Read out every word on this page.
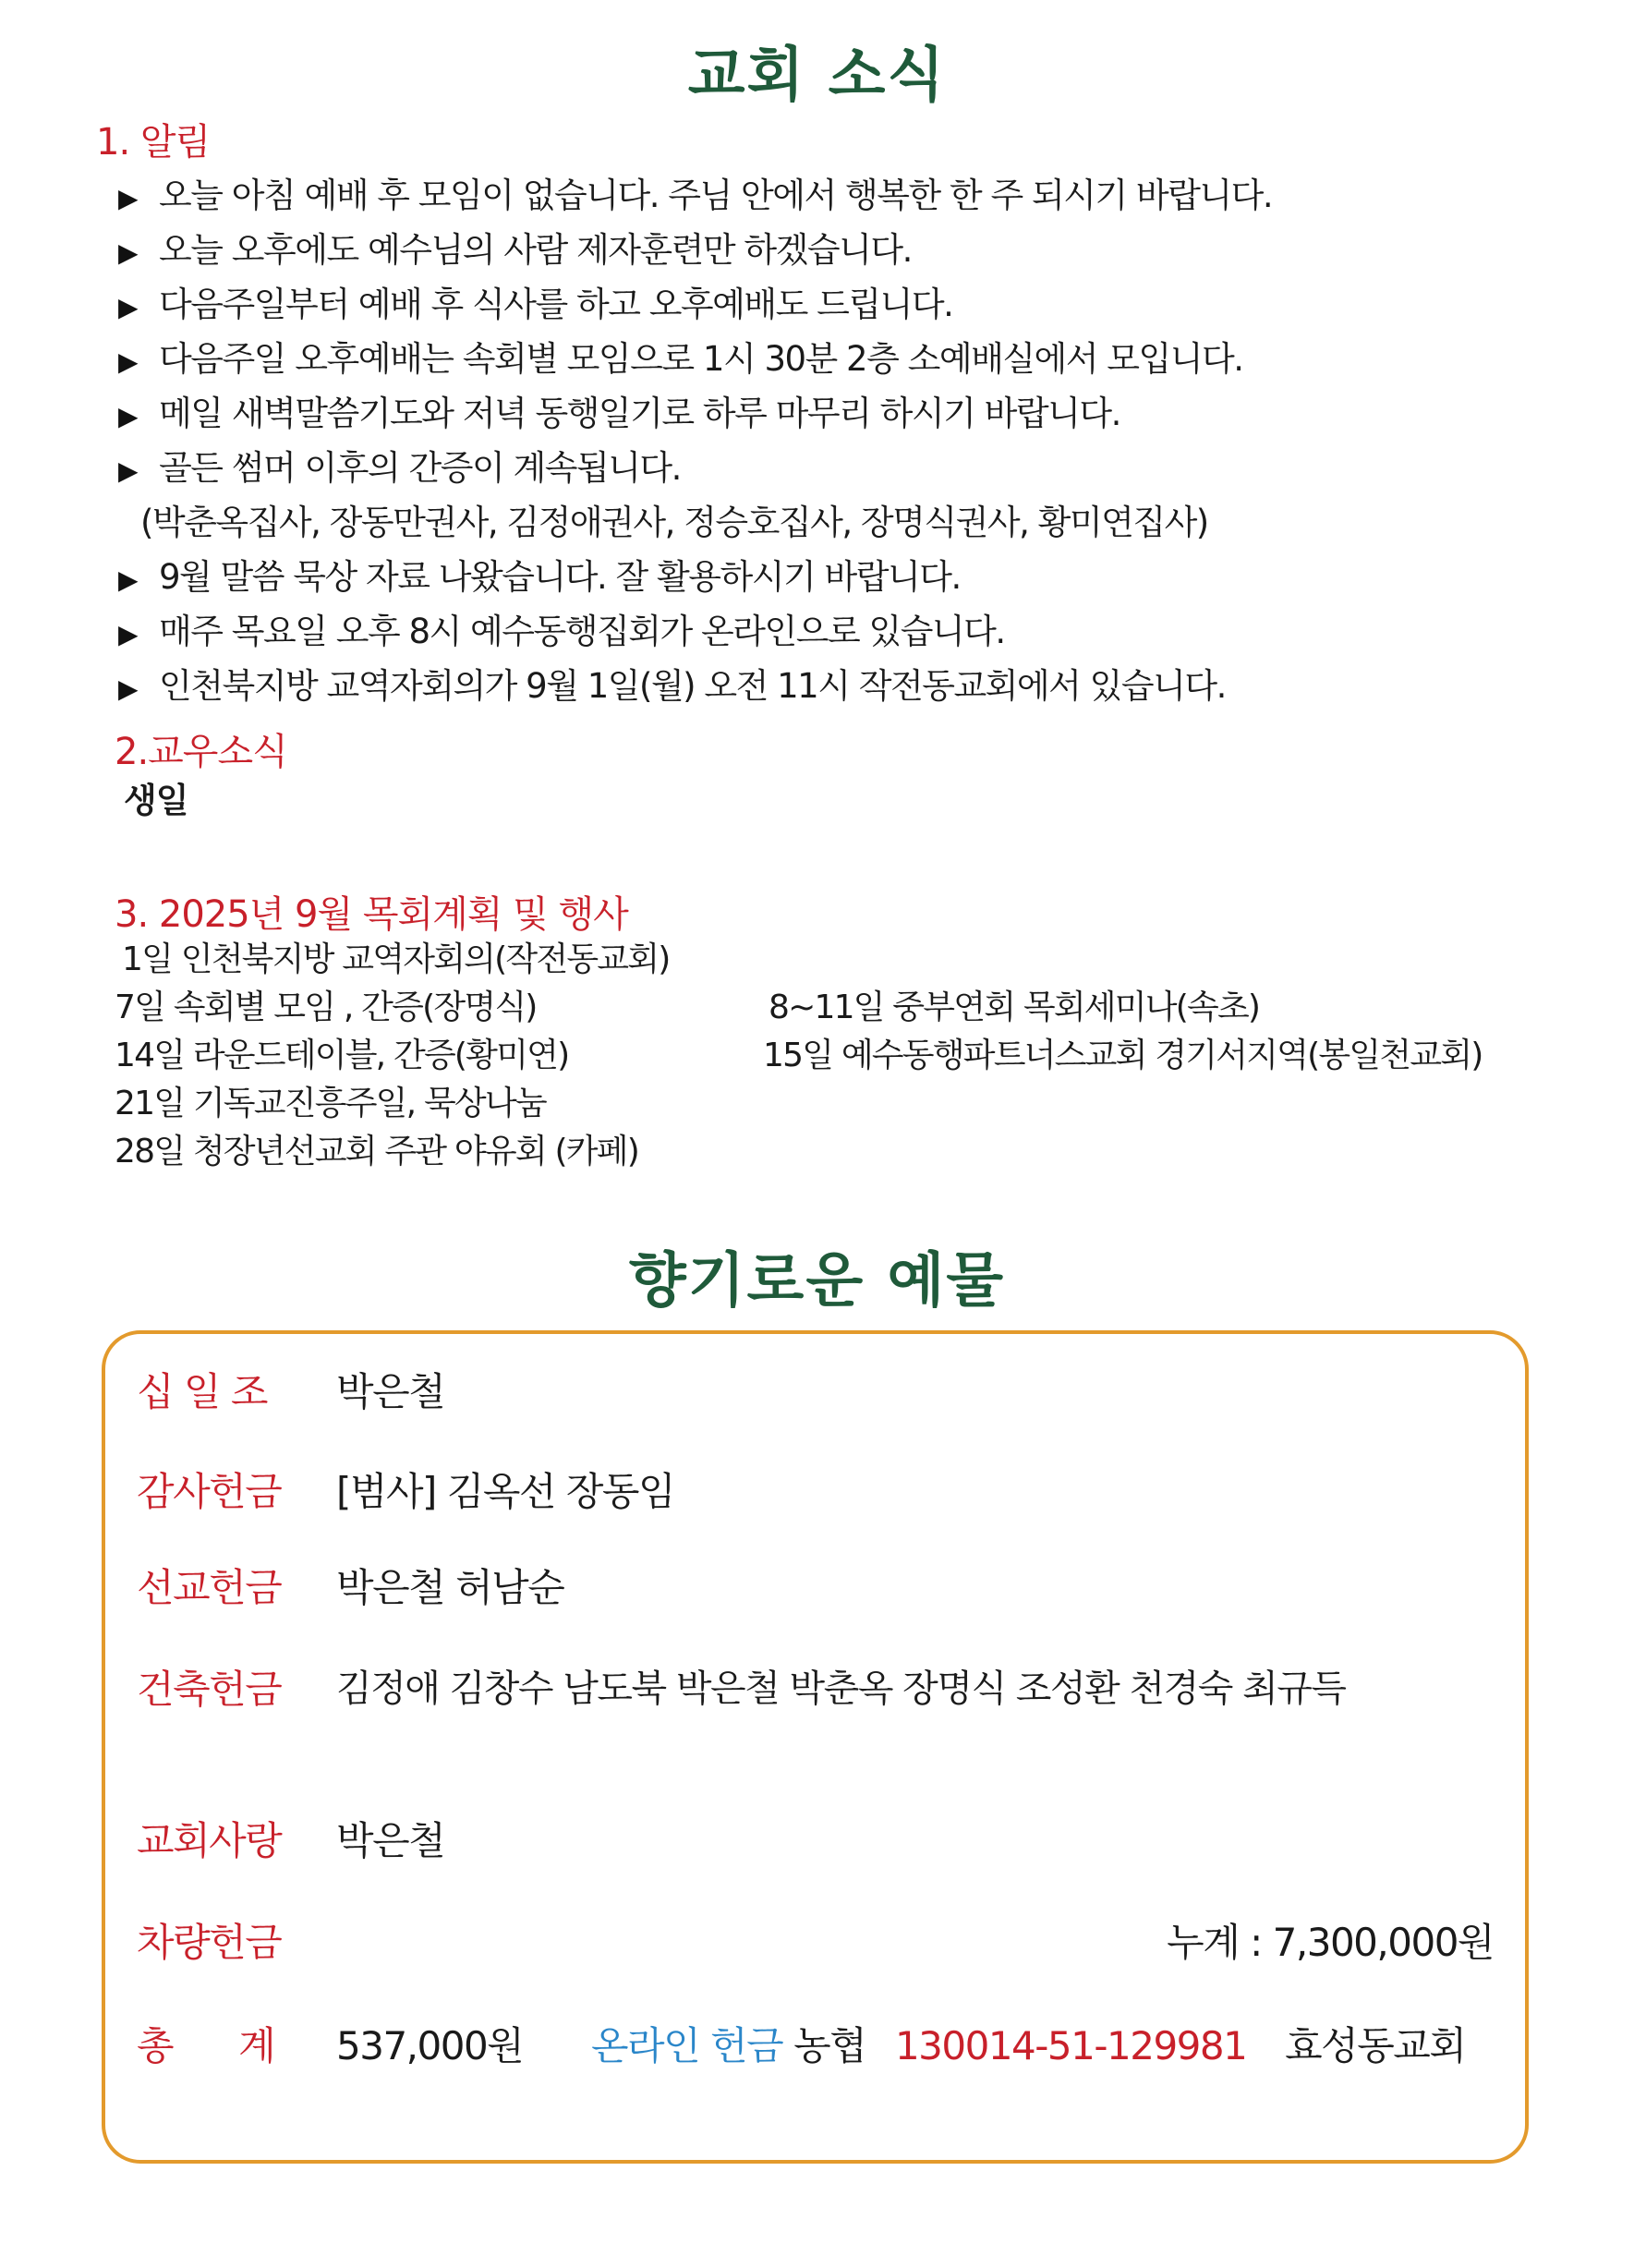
교회 소식
1. 알림
▶ 오늘 아침 예배 후 모임이 없습니다. 주님 안에서 행복한 한 주 되시기 바랍니다.
▶ 오늘 오후에도 예수님의 사람 제자훈련만 하겠습니다.
▶ 다음주일부터 예배 후 식사를 하고 오후예배도 드립니다.
▶ 다음주일 오후예배는 속회별 모임으로 1시 30분 2층 소예배실에서 모입니다.
▶ 메일 새벽말씀기도와 저녁 동행일기로 하루 마무리 하시기 바랍니다.
▶ 골든 썸머 이후의 간증이 계속됩니다.
(박춘옥집사, 장동만권사, 김정애권사, 정승호집사, 장명식권사, 황미연집사)
▶ 9월 말씀 묵상 자료 나왔습니다. 잘 활용하시기 바랍니다.
▶ 매주 목요일 오후 8시 예수동행집회가 온라인으로 있습니다.
▶ 인천북지방 교역자회의가 9월 1일(월) 오전 11시 작전동교회에서 있습니다.
2.교우소식
생일
3. 2025년 9월 목회계획 및 행사
1일 인천북지방 교역자회의(작전동교회)
7일 속회별 모임 , 간증(장명식)	8~11일 중부연회 목회세미나(속초)
14일 라운드테이블, 간증(황미연)	15일 예수동행파트너스교회 경기서지역(봉일천교회)
21일 기독교진흥주일, 묵상나눔
28일 청장년선교회 주관 야유회 (카페)
향기로운 예물
십 일 조 박은철
감사헌금 [범사] 김옥선 장동임
선교헌금 박은철 허남순
건축헌금 김정애 김창수 남도북 박은철 박춘옥 장명식 조성환 천경숙 최규득
교회사랑 박은철
차량헌금	누계 : 7,300,000원
총      계 537,000원 온라인 헌금 농협 130014-51-129981 효성동교회
